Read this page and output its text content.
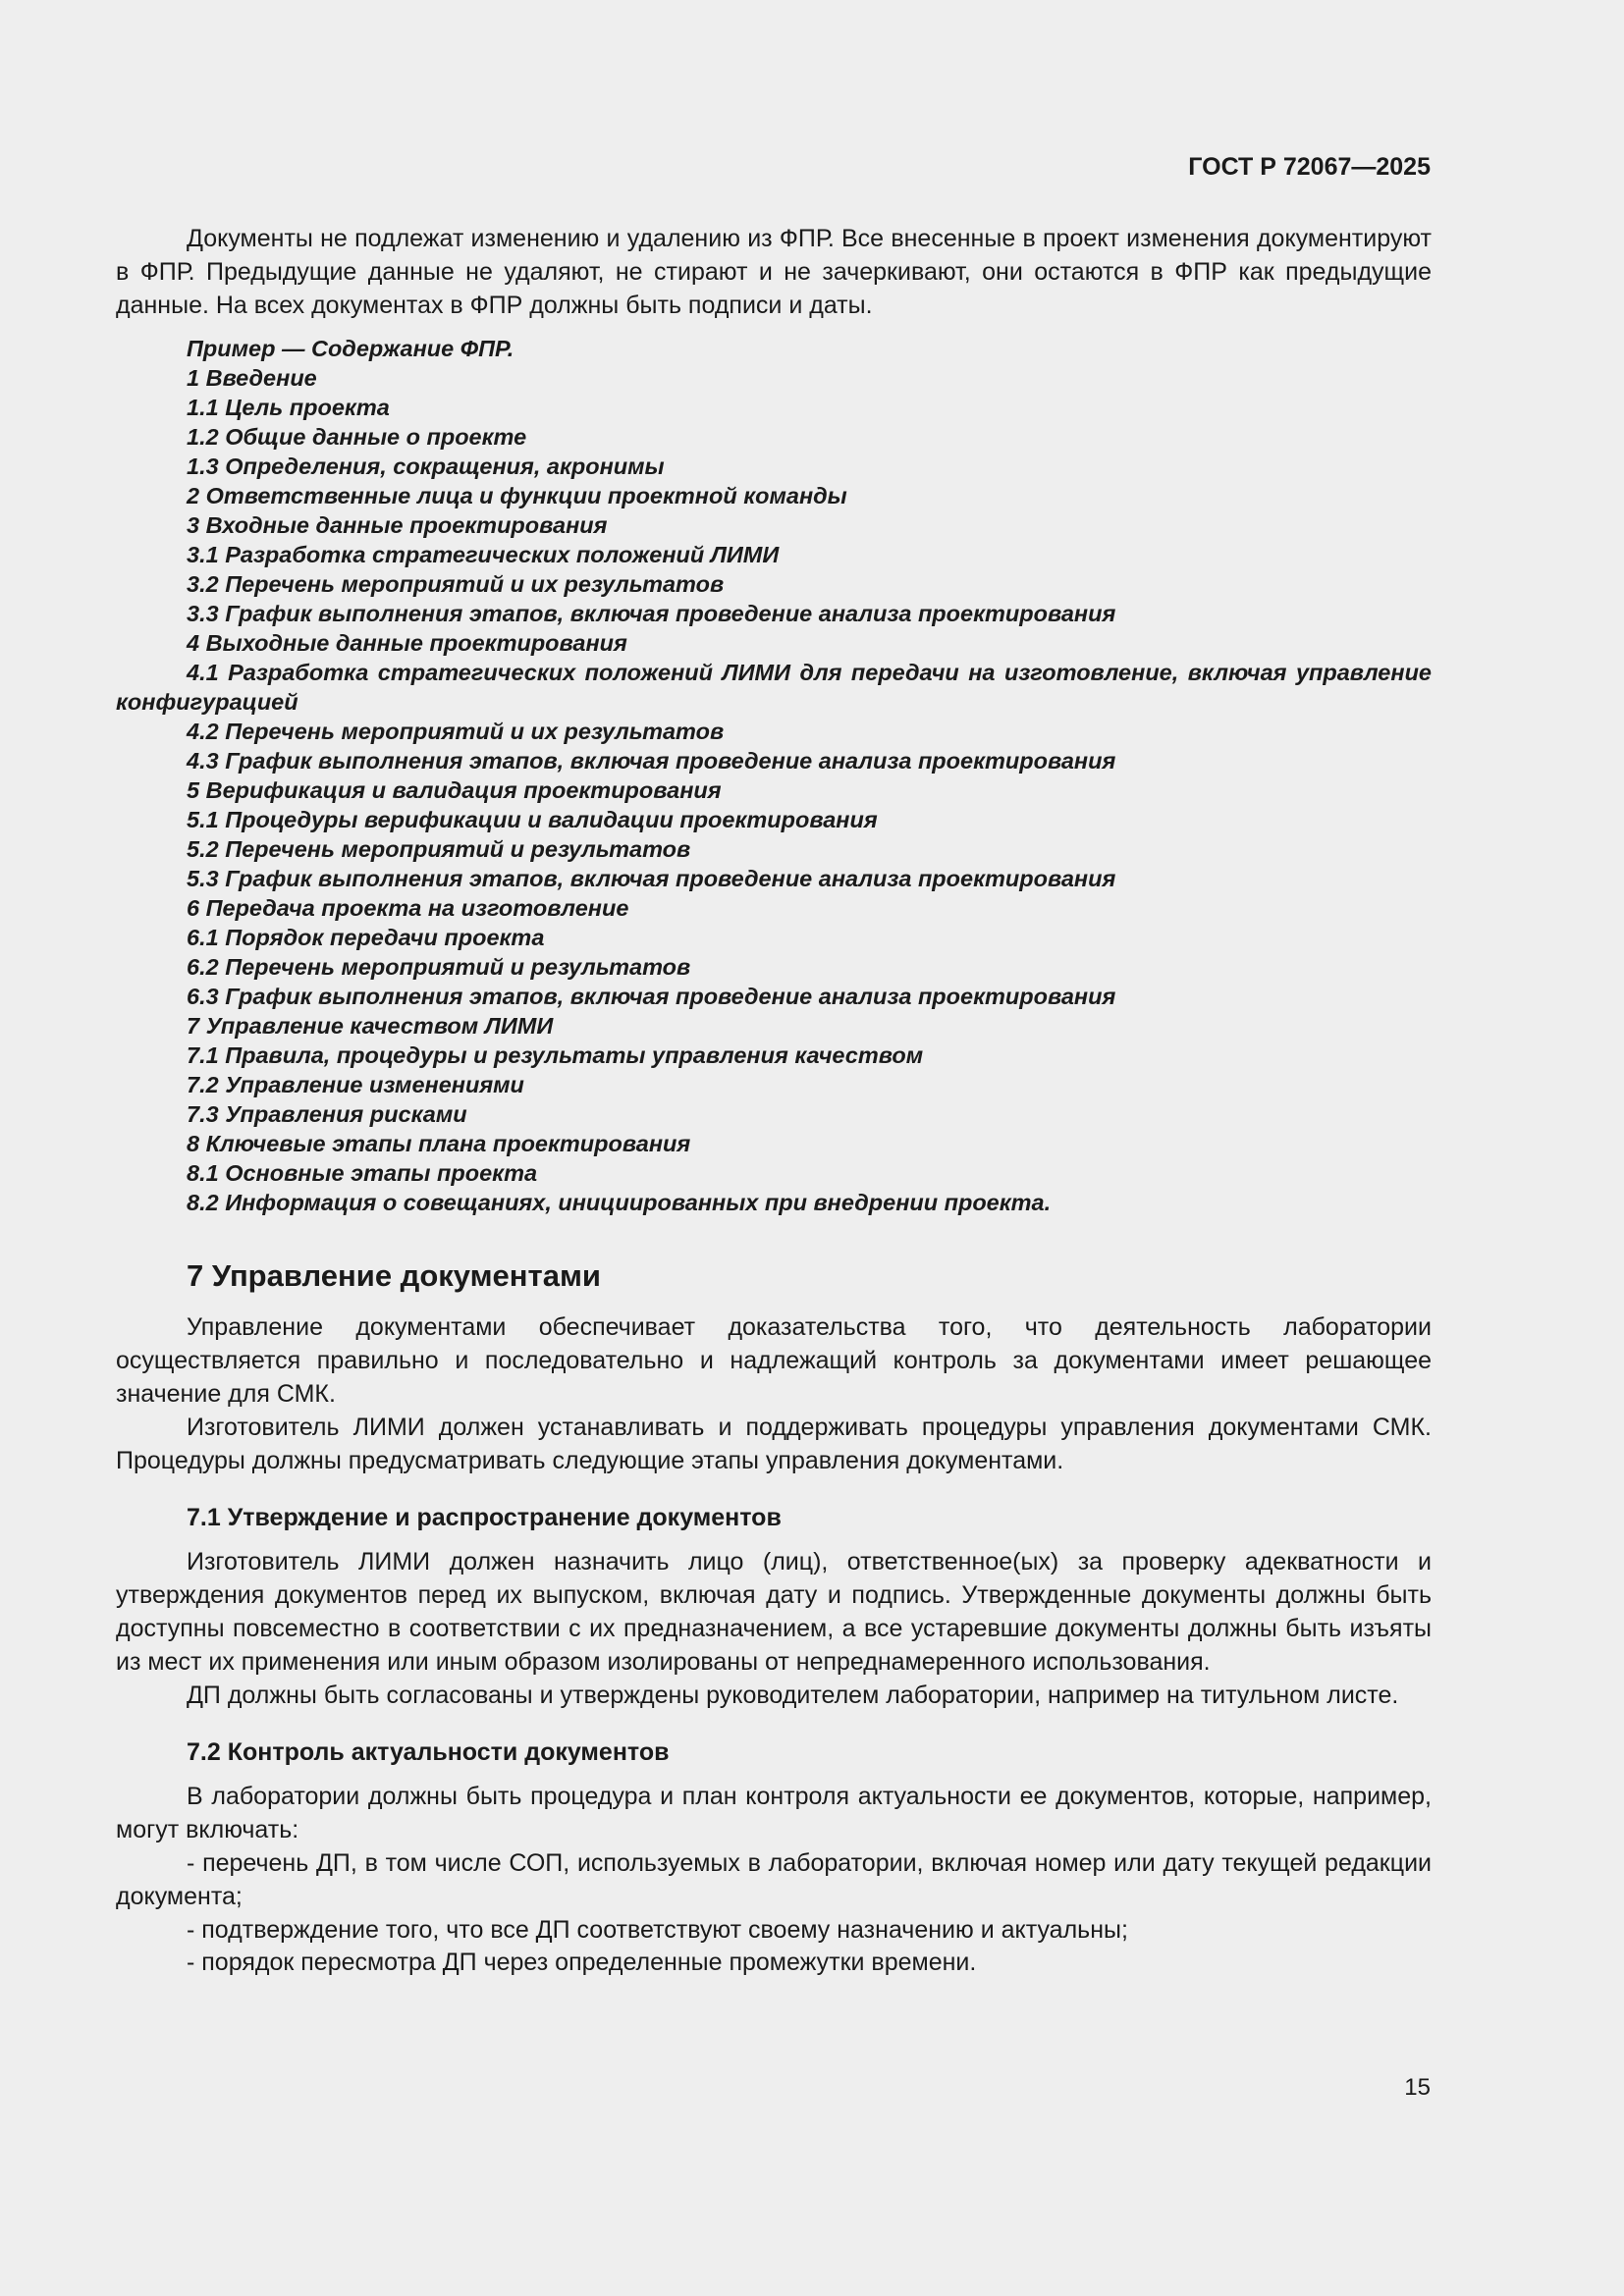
ГОСТ Р 72067—2025

Документы не подлежат изменению и удалению из ФПР. Все внесенные в проект изменения документируют в ФПР. Предыдущие данные не удаляют, не стирают и не зачеркивают, они остаются в ФПР как предыдущие данные. На всех документах в ФПР должны быть подписи и даты.

Пример — Содержание ФПР.
1 Введение
1.1 Цель проекта
1.2 Общие данные о проекте
1.3 Определения, сокращения, акронимы
2 Ответственные лица и функции проектной команды
3 Входные данные проектирования
3.1 Разработка стратегических положений ЛИМИ
3.2 Перечень мероприятий и их результатов
3.3 График выполнения этапов, включая проведение анализа проектирования
4 Выходные данные проектирования
4.1 Разработка стратегических положений ЛИМИ для передачи на изготовление, включая управление конфигурацией
4.2 Перечень мероприятий и их результатов
4.3 График выполнения этапов, включая проведение анализа проектирования
5 Верификация и валидация проектирования
5.1 Процедуры верификации и валидации проектирования
5.2 Перечень мероприятий и результатов
5.3 График выполнения этапов, включая проведение анализа проектирования
6 Передача проекта на изготовление
6.1 Порядок передачи проекта
6.2 Перечень мероприятий и результатов
6.3 График выполнения этапов, включая проведение анализа проектирования
7 Управление качеством ЛИМИ
7.1 Правила, процедуры и результаты управления качеством
7.2 Управление изменениями
7.3 Управления рисками
8 Ключевые этапы плана проектирования
8.1 Основные этапы проекта
8.2 Информация о совещаниях, инициированных при внедрении проекта.
7 Управление документами

Управление документами обеспечивает доказательства того, что деятельность лаборатории осуществляется правильно и последовательно и надлежащий контроль за документами имеет решающее значение для СМК.

Изготовитель ЛИМИ должен устанавливать и поддерживать процедуры управления документами СМК. Процедуры должны предусматривать следующие этапы управления документами.

7.1 Утверждение и распространение документов

Изготовитель ЛИМИ должен назначить лицо (лиц), ответственное(ых) за проверку адекватности и утверждения документов перед их выпуском, включая дату и подпись. Утвержденные документы должны быть доступны повсеместно в соответствии с их предназначением, а все устаревшие документы должны быть изъяты из мест их применения или иным образом изолированы от непреднамеренного использования.

ДП должны быть согласованы и утверждены руководителем лаборатории, например на титульном листе.

7.2 Контроль актуальности документов

В лаборатории должны быть процедура и план контроля актуальности ее документов, которые, например, могут включать:

- перечень ДП, в том числе СОП, используемых в лаборатории, включая номер или дату текущей редакции документа;

- подтверждение того, что все ДП соответствуют своему назначению и актуальны;

- порядок пересмотра ДП через определенные промежутки времени.

15
